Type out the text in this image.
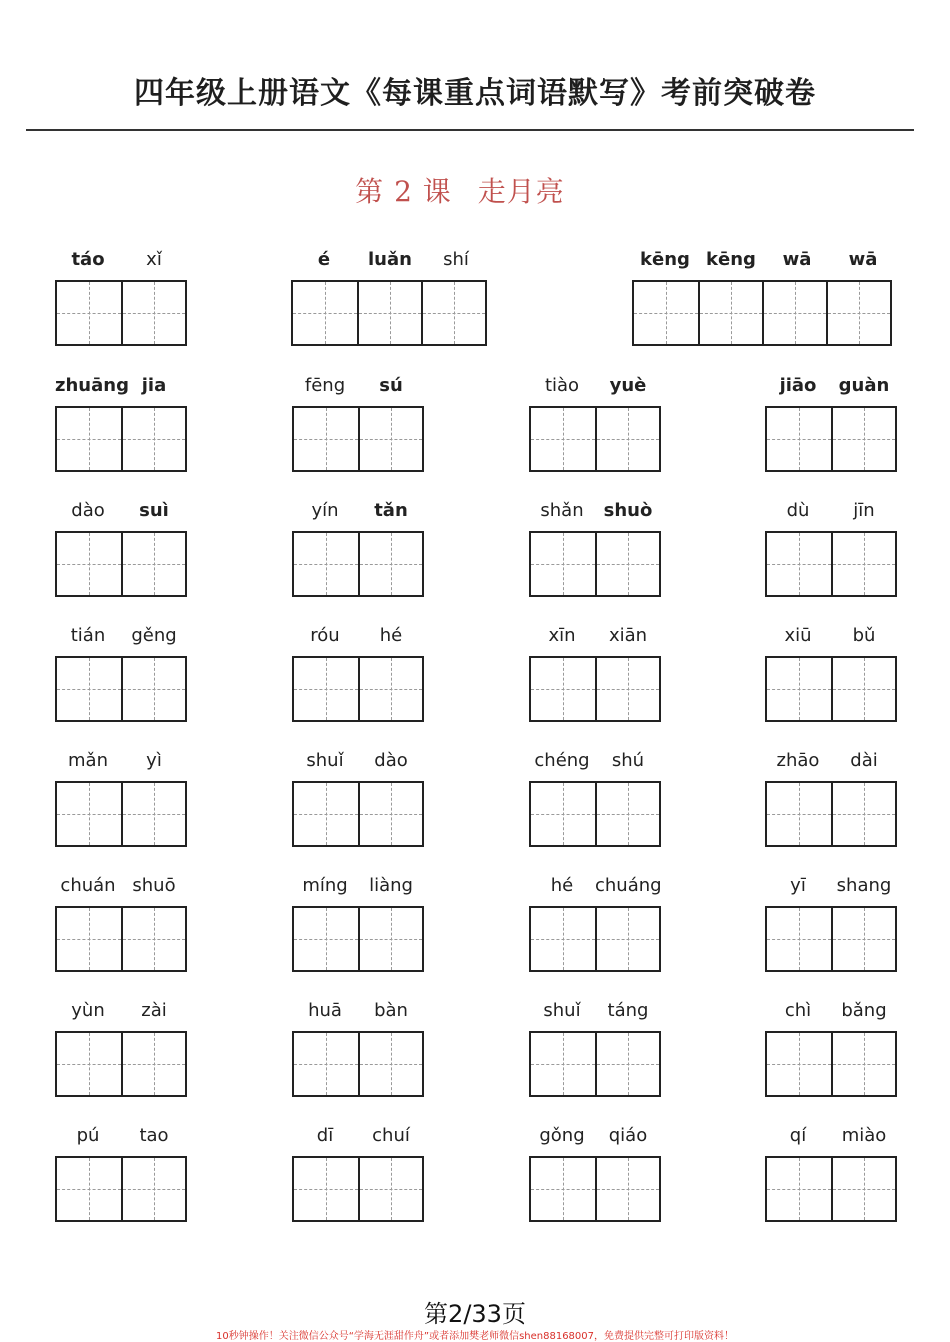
四年级上册语文《每课重点词语默写》考前突破卷
第 2 课 走月亮
táo	xǐ	é	luǎn	shí	kēng kēng	wā	wā
zhuāng jia	fēng	sú	tiào	yuè	jiāo	guàn
dào	suì	yín	tǎn	shǎn	shuò	dù	jīn
tián	gěng	róu	hé	xīn	xiān	xiū	bǔ
mǎn	yì	shuǐ	dào	chéng	shú	zhāo	dài
chuán shuō	míng	liàng	hé	chuáng	yī	shang
yùn	zài	huā	bàn	shuǐ	táng	chì	bǎng
pú	tao	dī	chuí	gǒng	qiáo	qí	miào
第2/33页
10秒钟操作！关注微信公众号“学海无涯甜作舟”或者添加樊老师微信shen88168007，免费提供完整可打印版资料！
